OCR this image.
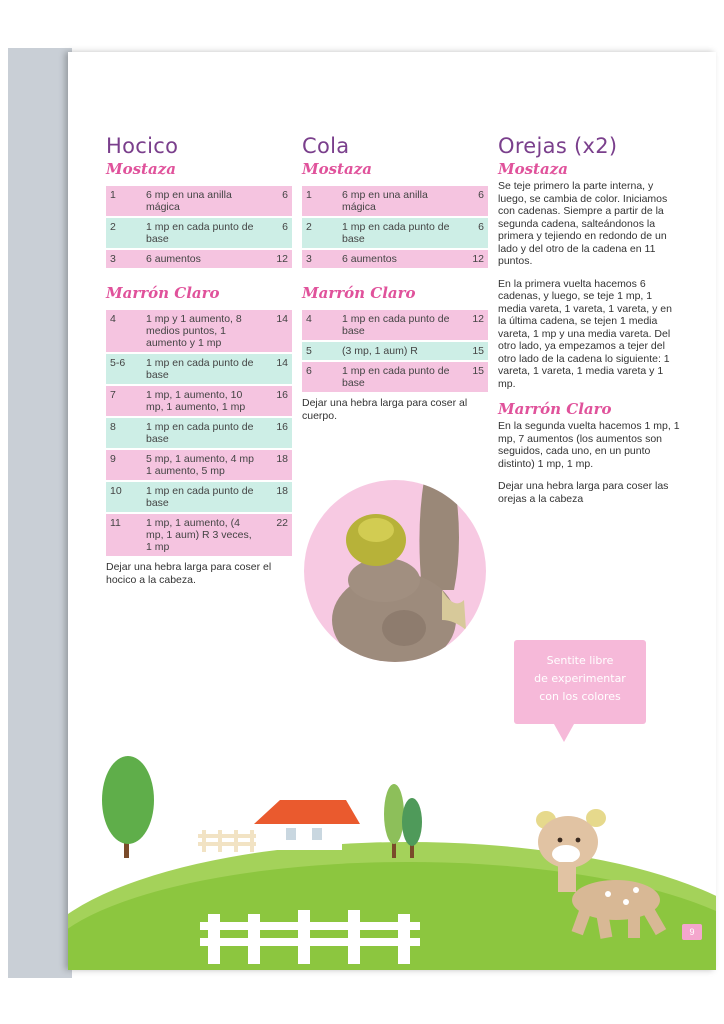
Hocico
Mostaza
1	6 mp en una anilla mágica	6
2	1 mp en cada punto de base	6
3	6 aumentos	12
Marrón Claro
4	1 mp y 1 aumento, 8 medios puntos, 1 aumento y 1 mp	14
5-6	1 mp en cada punto de base	14
7	1 mp, 1 aumento, 10 mp, 1 aumento, 1 mp	16
8	1 mp en cada punto de base	16
9	5 mp, 1 aumento, 4 mp 1 aumento, 5 mp	18
10	1 mp en cada punto de base	18
11	1 mp, 1 aumento, (4 mp, 1 aum) R 3 veces, 1 mp	22
Dejar una hebra larga para coser el hocico a la cabeza.
Cola
Mostaza
1	6 mp en una anilla mágica	6
2	1 mp en cada punto de base	6
3	6 aumentos	12
Marrón Claro
4	1 mp en cada punto de base	12
5	(3 mp, 1 aum) R	15
6	1 mp en cada punto de base	15
Dejar una hebra larga para coser al cuerpo.
Orejas (x2)
Mostaza

Se teje primero la parte interna, y luego, se cambia de color. Iniciamos con cadenas. Siempre a partir de la segunda cadena, salteándonos la primera y tejiendo en redondo de un lado y del otro de la cadena en 11 puntos.

En la primera vuelta hacemos 6 cadenas, y luego, se teje 1 mp, 1 media vareta, 1 vareta, 1 vareta, y en la última cadena, se tejen 1 media vareta, 1 mp y una media vareta. Del otro lado, ya empezamos a tejer del otro lado de la cadena lo siguiente: 1 vareta, 1 vareta, 1 media vareta y 1 mp.

Marrón Claro

En la segunda vuelta hacemos 1 mp, 1 mp, 7 aumentos (los aumentos son seguidos, cada uno, en un punto distinto) 1 mp, 1 mp.

Dejar una hebra larga para coser las orejas a la cabeza

Sentite libre
de experimentar
con los colores
9
